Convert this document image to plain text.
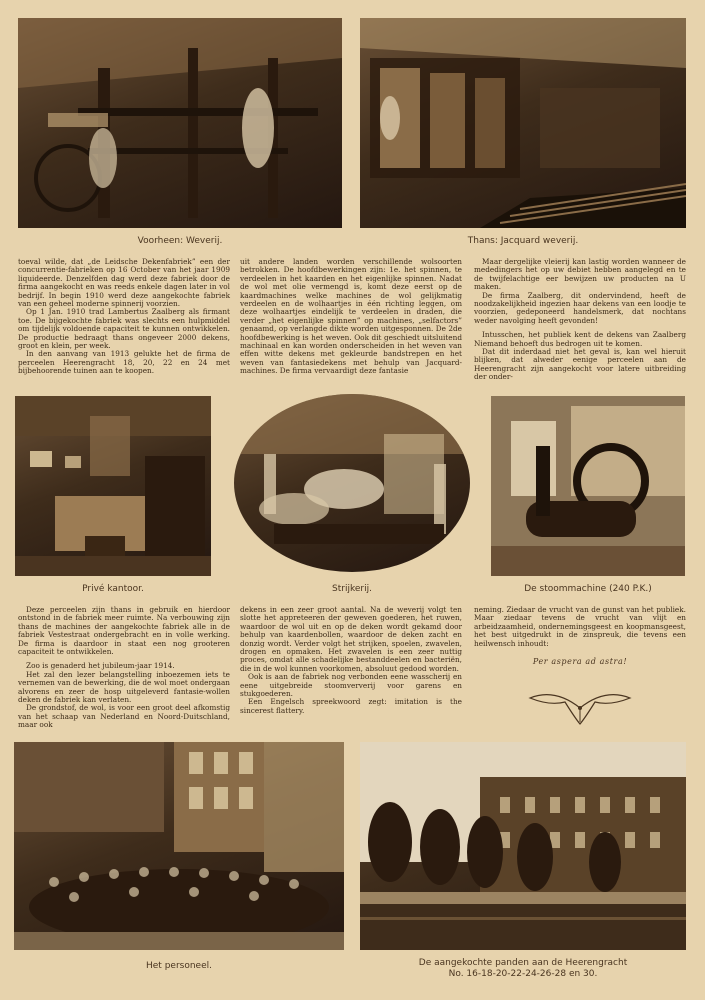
Voorheen: Weverij.	Thans: Jacquard weverij.

toeval wilde, dat „de Leidsche Dekenfabriek” een der concurrentie-fabrieken op 16 October van het jaar 1909 liquideerde. Denzelfden dag werd deze fabriek door de firma aangekocht en was reeds enkele dagen later in vol bedrijf. In begin 1910 werd deze aangekochte fabriek van een geheel moderne spinnerij voorzien.

Op 1 Jan. 1910 trad Lambertus Zaalberg als firmant toe. De bijgekochte fabriek was slechts een hulpmiddel om tijdelijk voldoende capaciteit te kunnen ontwikkelen. De productie bedraagt thans ongeveer 2000 dekens, groot en klein, per week.

In den aanvang van 1913 gelukte het de firma de perceelen Heerengracht 18, 20, 22 en 24 met bijbehoorende tuinen aan te koopen.

uit andere landen worden verschillende wolsoorten betrokken. De hoofdbewerkingen zijn: 1e. het spinnen, te verdeelen in het kaarden en het eigenlijke spinnen. Nadat de wol met olie vermengd is, komt deze eerst op de kaardmachines welke machines de wol gelijkmatig verdeelen en de wolhaartjes in één richting leggen, om deze wolhaartjes eindelijk te verdeelen in draden, die verder „het eigenlijke spinnen” op machines, „selfactors” genaamd, op verlangde dikte worden uitgesponnen. De 2de hoofdbewerking is het weven. Ook dit geschiedt uitsluitend machinaal en kan worden onderscheiden in het weven van effen witte dekens met gekleurde bandstrepen en het weven van fantasiedekens met behulp van Jacquard-machines. De firma vervaardigt deze fantasie

Maar dergelijke vleierij kan lastig worden wanneer de mededingers het op uw debiet hebben aangelegd en te de twijfelachtige eer bewijzen uw producten na U maken.

De firma Zaalberg, dit ondervindend, heeft de noodzakelijkheid ingezien haar dekens van een loodje te voorzien, gedeponeerd handelsmerk, dat nochtans weder navolging heeft gevonden!

Intusschen, het publiek kent de dekens van Zaalberg Niemand behoeft dus bedrogen uit te komen.

Dat dit inderdaad niet het geval is, kan wel hieruit blijken, dat alweder eenige perceelen aan de Heerengracht zijn aangekocht voor latere uitbreiding der onder-

Privé kantoor.	Strijkerij.	De stoommachine (240 P.K.)

Deze perceelen zijn thans in gebruik en hierdoor ontstond in de fabriek meer ruimte. Na verbouwing zijn thans de machines der aangekochte fabriek alle in de fabriek Vestestraat ondergebracht en in volle werking. De firma is daardoor in staat een nog grooteren capaciteit te ontwikkelen.

Zoo is genaderd het jubileum-jaar 1914.

Het zal den lezer belangstelling inboezemen iets te vernemen van de bewerking, die de wol moet ondergaan alvorens en zeer de hosp uitgeleverd fantasie-wollen deken de fabriek kan verlaten.

De grondstof, de wol, is voor een groot deel afkomstig van het schaap van Nederland en Noord-Duitschland, maar ook

dekens in een zeer groot aantal. Na de weverij volgt ten slotte het appreteeren der geweven goederen, het ruwen, waardoor de wol uit en op de deken wordt gekamd door behulp van kaardenbollen, waardoor de deken zacht en donzig wordt. Verder volgt het strijken, spoelen, zwavelen, drogen en opmaken. Het zwavelen is een zeer nuttig proces, omdat alle schadelijke bestanddeelen en bacteriën, die in de wol kunnen voorkomen, absoluut gedood worden.

Ook is aan de fabriek nog verbonden eene wasscherij en eene uitgebreide stoomververij voor garens en stukgoederen.

Een Engelsch spreekwoord zegt: imitation is the sincerest flattery.

neming. Ziedaar de vrucht van de gunst van het publiek. Maar ziedaar tevens de vrucht van vlijt en arbeidzaamheid, ondernemingsgeest en koopmansgeest, het best uitgedrukt in de zinspreuk, die tevens een heilwensch inhoudt:

Per aspera ad astra!
Het personeel.	De aangekochte panden aan de Heerengracht
No. 16-18-20-22-24-26-28 en 30.
